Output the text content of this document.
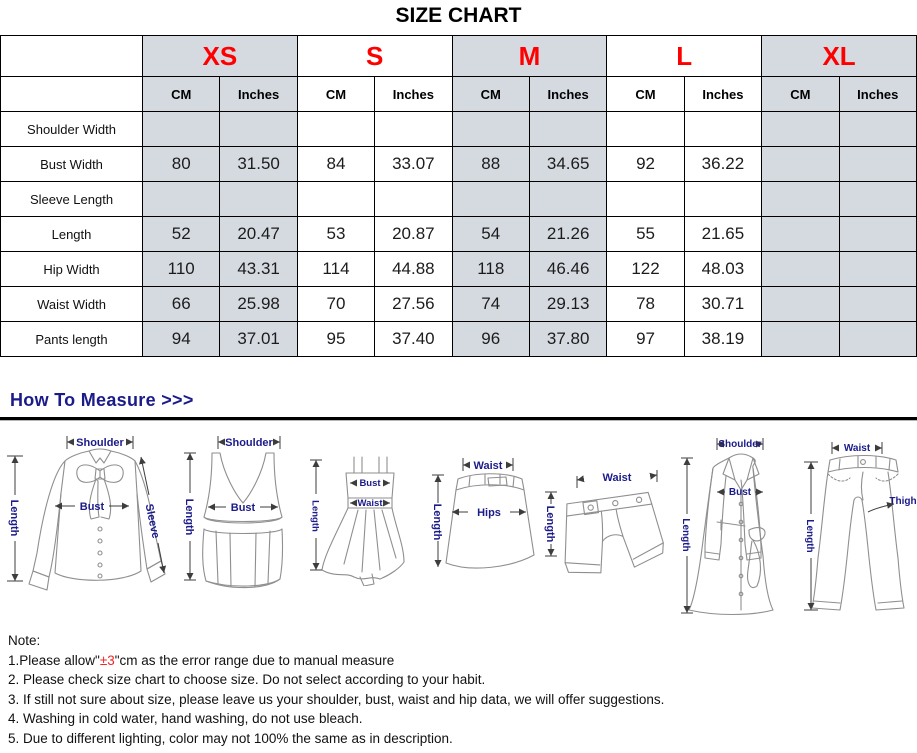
SIZE CHART
	XS		S		M		L		XL	
	CM	Inches	CM	Inches	CM	Inches	CM	Inches	CM	Inches
Shoulder Width										
Bust Width	80	31.50	84	33.07	88	34.65	92	36.22		
Sleeve Length										
Length	52	20.47	53	20.87	54	21.26	55	21.65		
Hip Width	110	43.31	114	44.88	118	46.46	122	48.03		
Waist Width	66	25.98	70	27.56	74	29.13	78	30.71		
Pants length	94	37.01	95	37.40	96	37.80	97	38.19		
How To Measure >>>
Shoulder
Length	Bust	Sleeve
Shoulder
Length	Bust	Length
Bust
Waist
Waist
Length	Hips
Waist
Length
Shoulder
Length
Bust
Waist
Length
Thigh
Note:
1.Please allow"±3"cm as the error range due to manual measure
2. Please check size chart to choose size. Do not select according to your habit.
3. If still not sure about size, please leave us your shoulder, bust, waist and hip data, we will offer suggestions.
4. Washing in cold water, hand washing, do not use bleach.
5. Due to different lighting, color may not 100% the same as in description.
